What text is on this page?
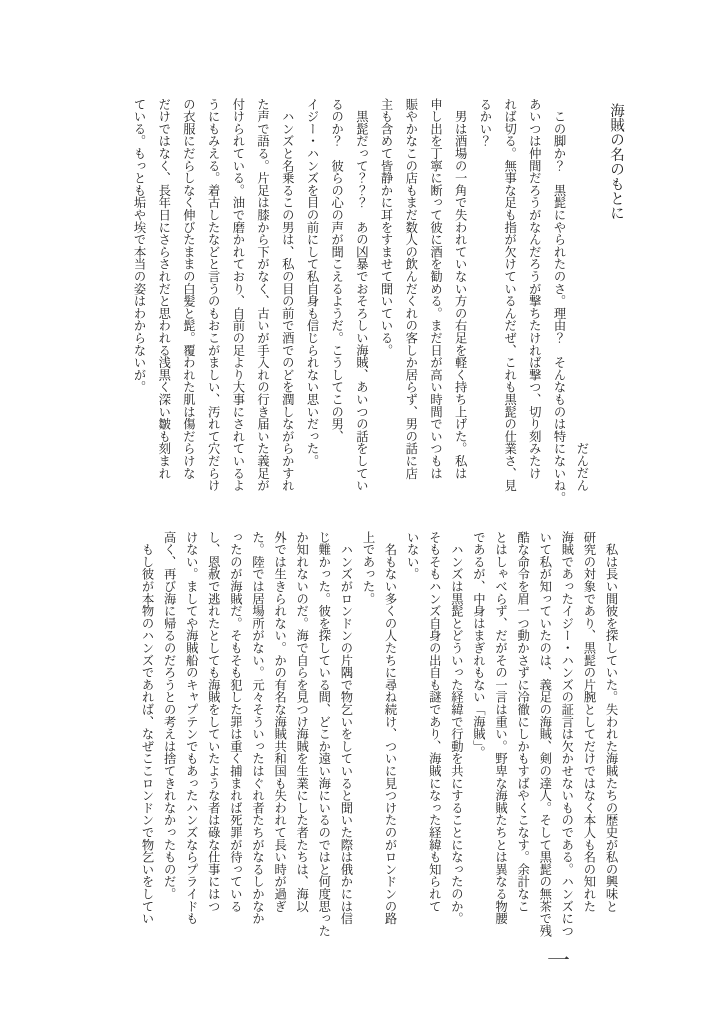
海賊の名のもとに
だんだん
　この脚か？　黒髭にやられたのさ。理由？　そんなものは特にないね。
あいつは仲間だろうがなんだろうが撃ちたければ撃つ、切り刻みたけ
れば切る。無事な足も指が欠けているんだぜ、これも黒髭の仕業さ、見
るかい？
　男は酒場の一角で失われていない方の右足を軽く持ち上げた。私は
申し出を丁寧に断って彼に酒を勧める。まだ日が高い時間でいつもは
賑やかなこの店もまだ数人の飲んだくれの客しか居らず、男の話に店
主も含めて皆静かに耳をすませて聞いている。
　黒髭だって？？？　あの凶暴でおそろしい海賊、あいつの話をしてい
るのか？　彼らの心の声が聞こえるようだ。こうしてこの男、
イジー・ハンズを目の前にして私自身も信じられない思いだった。
　ハンズと名乗るこの男は、私の目の前で酒でのどを潤しながらかすれ
た声で語る。片足は膝から下がなく、古いが手入れの行き届いた義足が
付けられている。油で磨かれており、自前の足より大事にされているよ
うにもみえる。着古したなどと言うのもおこがましい、汚れて穴だらけ
の衣服にだらしなく伸びたままの白髪と髭。覆われた肌は傷だらけな
だけではなく、長年日にさらされだと思われる浅黒く深い皺も刻まれ
ている。もっとも垢や埃で本当の姿はわからないが。
　私は長い間彼を探していた。失われた海賊たちの歴史が私の興味と
研究の対象であり、黒髭の片腕としてだけではなく本人も名の知れた
海賊であったイジー・ハンズの証言は欠かせないものである。ハンズにつ
いて私が知っていたのは、義足の海賊、剣の達人。そして黒髭の無茶で残
酷な命令を眉一つ動かさずに冷徹にしかもすばやくこなす。余計なこ
とはしゃべらず、だがその一言は重い。野卑な海賊たちとは異なる物腰
であるが、中身はまぎれもない「海賊」。
　ハンズは黒髭とどういった経緯で行動を共にすることになったのか。
そもそもハンズ自身の出自も謎であり、海賊になった経緯も知られて
いない。
　名もない多くの人たちに尋ね続け、ついに見つけたのがロンドンの路
上であった。
　ハンズがロンドンの片隅で物乞いをしていると聞いた際は俄かには信
じ難かった。彼を探している間、どこか遠い海にいるのではと何度思った
か知れないのだ。海で自らを見つけ海賊を生業にした者たちは、海以
外では生きられない。かの有名な海賊共和国も失われて長い時が過ぎ
た。陸では居場所がない。元々そういったはぐれ者たちがなるしかなか
ったのが海賊だ。そもそも犯した罪は重く捕まれば死罪が待っている
し、恩赦で逃れたとしても海賊をしていたような者は碌な仕事にはつ
けない。ましてや海賊船のキャプテンでもあったハンズならプライドも
高く、再び海に帰るのだろうとの考えは捨てきれなかったものだ。
　もし彼が本物のハンズであれば、なぜここロンドンで物乞いをしてい
一
